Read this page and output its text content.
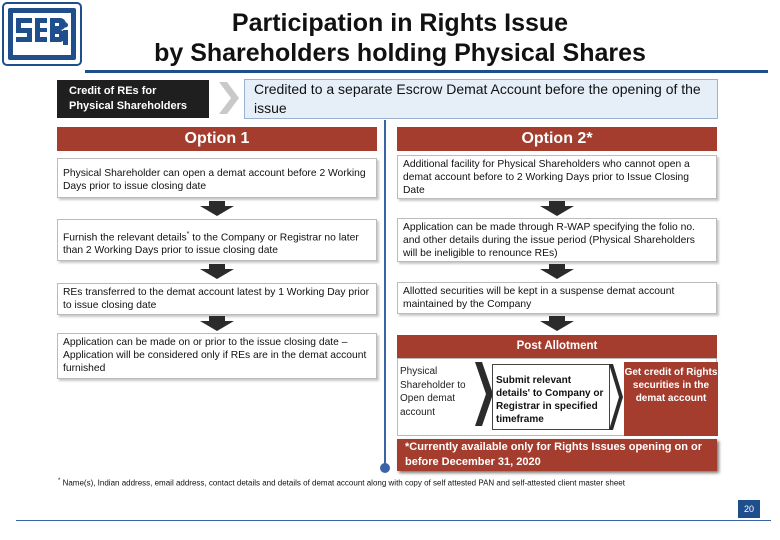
Participation in Rights Issue
by Shareholders holding Physical Shares
Credit of REs for
Physical Shareholders
Credited to a separate Escrow Demat Account before the opening of the issue
Option 1	Option 2*
Physical Shareholder can open a demat account before 2 Working Days prior to issue closing date
Furnish the relevant details* to the Company or Registrar no later than 2 Working Days prior to issue closing date
REs transferred to the demat account latest by 1 Working Day prior to issue closing date
Application can be made on or prior to the issue closing date – Application will be considered only if REs are in the demat account furnished
Additional facility for Physical Shareholders who cannot open a demat account before to 2 Working Days prior to Issue Closing Date
Application can be made through R-WAP specifying the folio no. and other details during the issue period (Physical Shareholders will be ineligible to renounce REs)
Allotted securities will be kept in a suspense demat account maintained by the Company
Post Allotment
Physical Shareholder to Open demat account
Submit relevant details' to Company or Registrar in specified timeframe
Get credit of Rights securities in the demat account
*Currently available only for Rights Issues opening on or before December 31, 2020
* Name(s), Indian address, email address, contact details and details of demat account along with copy of self attested PAN and self-attested client master sheet
20
